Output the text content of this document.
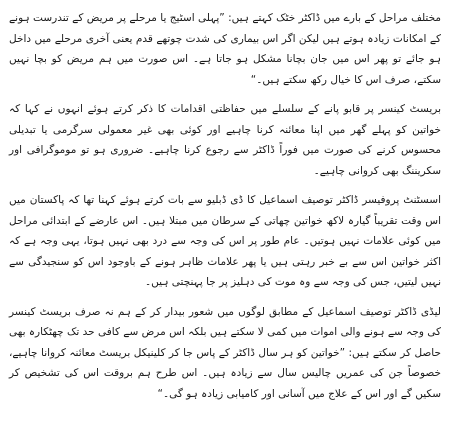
مختلف مراحل کے بارے میں ڈاکٹر خٹک کہتے ہیں: ”پہلی اسٹیج یا مرحلے پر مریض کے تندرست ہونے کے امکانات زیادہ ہوتے ہیں لیکن اگر اس بیماری کی شدت چوتھے قدم یعنی آخری مرحلے میں داخل ہو جائے تو پھر اس میں جان بچانا مشکل ہو جاتا ہے۔ اس صورت میں ہم مریض کو بچا نہیں سکتے، صرف اس کا خیال رکھ سکتے ہیں۔“

بریسٹ کینسر پر قابو پانے کے سلسلے میں حفاظتی اقدامات کا ذکر کرتے ہوئے انہوں نے کہا کہ خواتین کو پہلے گھر میں اپنا معائنہ کرنا چاہیے اور کوئی بھی غیر معمولی سرگرمی یا تبدیلی محسوس کرنے کی صورت میں فوراً ڈاکٹر سے رجوع کرنا چاہیے۔ ضروری ہو تو موموگرافی اور سکریننگ بھی کروانی چاہیے۔

اسسٹنٹ پروفیسر ڈاکٹر توصیف اسماعیل کا ڈی ڈبلیو سے بات کرتے ہوئے کہنا تھا کہ پاکستان میں اس وقت تقریباً گیارہ لاکھ خواتین چھاتی کے سرطان میں مبتلا ہیں۔ اس عارضے کے ابتدائی مراحل میں کوئی علامات نہیں ہوتیں۔ عام طور پر اس کی وجہ سے درد بھی نہیں ہوتا، یہی وجہ ہے کہ اکثر خواتین اس سے بے خبر رہتی ہیں یا پھر علامات ظاہر ہونے کے باوجود اس کو سنجیدگی سے نہیں لیتیں، جس کی وجہ سے وہ موت کی دہلیز پر جا پہنچتی ہیں۔

لیڈی ڈاکٹر توصیف اسماعیل کے مطابق لوگوں میں شعور بیدار کر کے ہم نہ صرف بریسٹ کینسر کی وجہ سے ہونے والی اموات میں کمی لا سکتے ہیں بلکہ اس مرض سے کافی حد تک چھٹکارہ بھی حاصل کر سکتے ہیں: ”خواتین کو ہر سال ڈاکٹر کے پاس جا کر کلینیکل بریسٹ معائنہ کروانا چاہیے، خصوصاً جن کی عمریں چالیس سال سے زیادہ ہیں۔ اس طرح ہم بروقت اس کی تشخیص کر سکیں گے اور اس کے علاج میں آسانی اور کامیابی زیادہ ہو گی۔“
